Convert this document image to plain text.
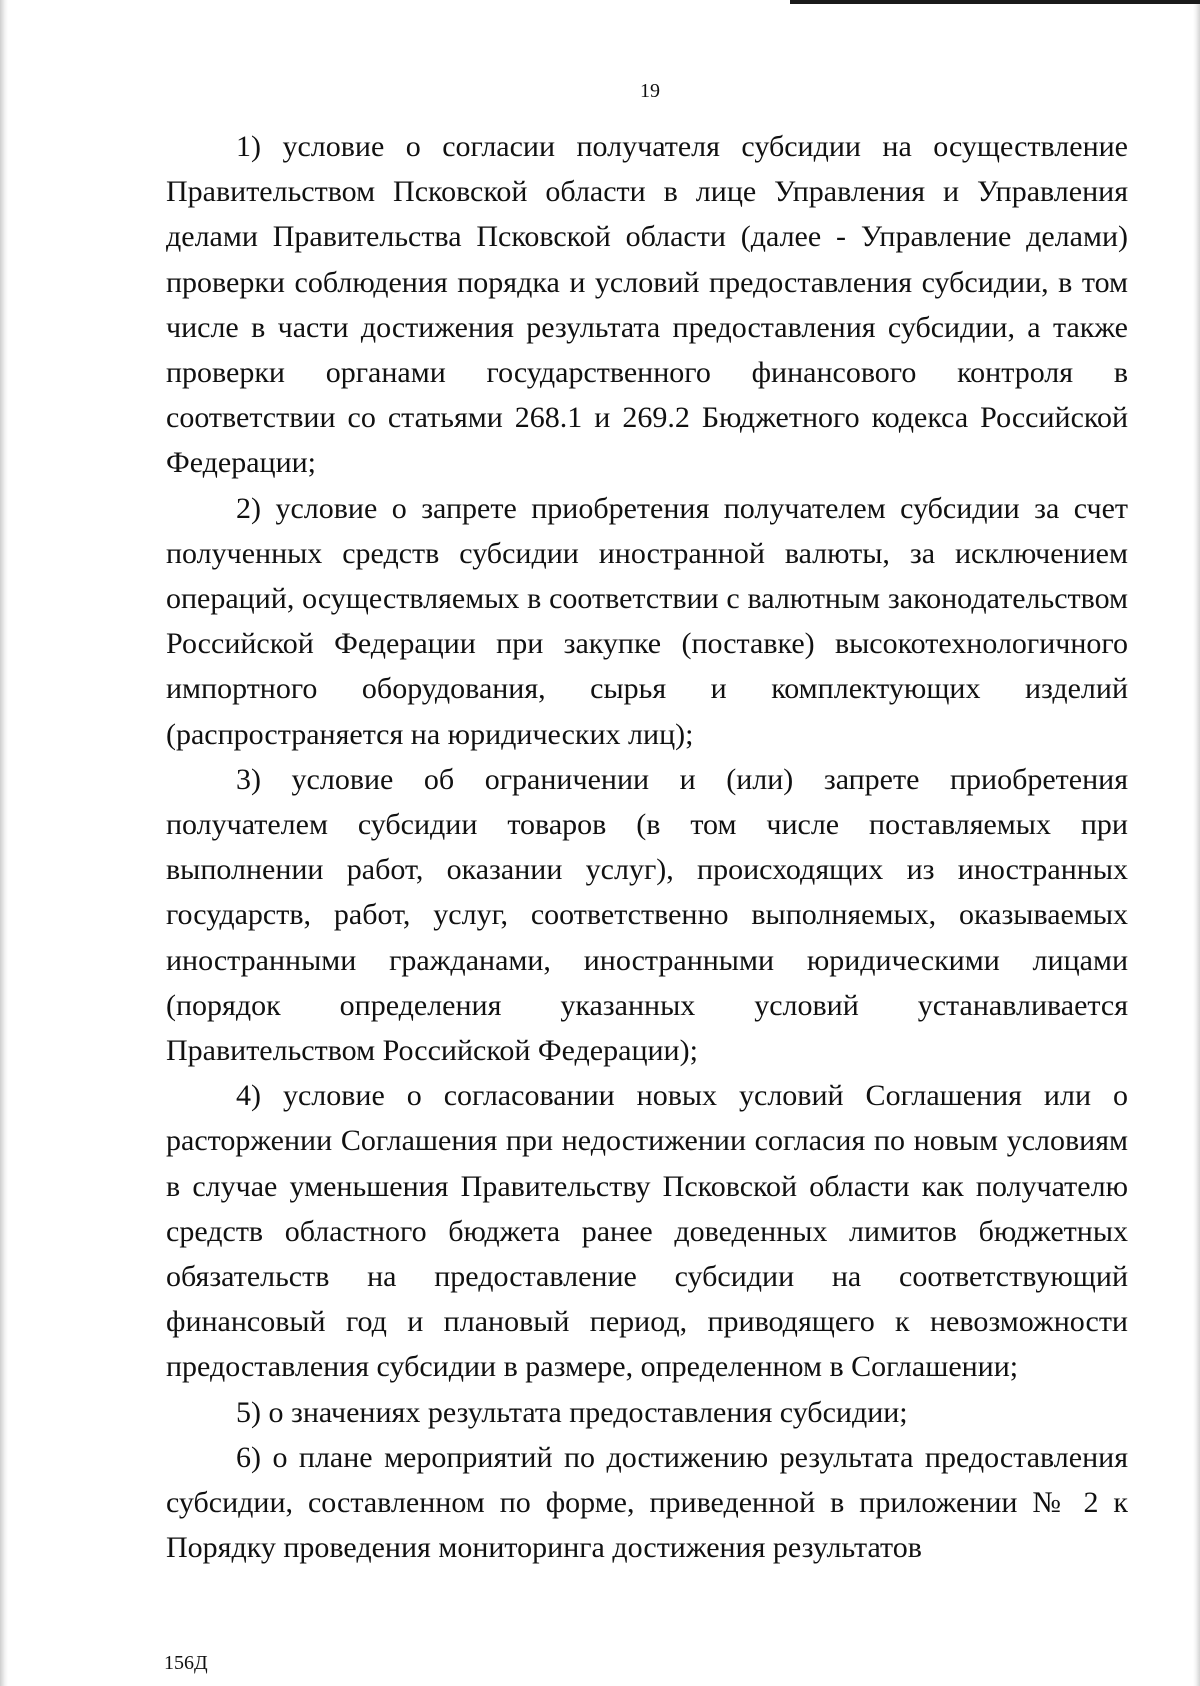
19

1) условие о согласии получателя субсидии на осуществление Правительством Псковской области в лице Управления и Управления делами Правительства Псковской области (далее - Управление делами) проверки соблюдения порядка и условий предоставления субсидии, в том числе в части достижения результата предоставления субсидии, а также проверки органами государственного финансового контроля в соответствии со статьями 268.1 и 269.2 Бюджетного кодекса Российской Федерации;

2) условие о запрете приобретения получателем субсидии за счет полученных средств субсидии иностранной валюты, за исключением операций, осуществляемых в соответствии с валютным законодательством Российской Федерации при закупке (поставке) высокотехнологичного импортного оборудования, сырья и комплектующих изделий (распространяется на юридических лиц);

3) условие об ограничении и (или) запрете приобретения получателем субсидии товаров (в том числе поставляемых при выполнении работ, оказании услуг), происходящих из иностранных государств, работ, услуг, соответственно выполняемых, оказываемых иностранными гражданами, иностранными юридическими лицами (порядок определения указанных условий устанавливается Правительством Российской Федерации);

4) условие о согласовании новых условий Соглашения или о расторжении Соглашения при недостижении согласия по новым условиям в случае уменьшения Правительству Псковской области как получателю средств областного бюджета ранее доведенных лимитов бюджетных обязательств на предоставление субсидии на соответствующий финансовый год и плановый период, приводящего к невозможности предоставления субсидии в размере, определенном в Соглашении;

5) о значениях результата предоставления субсидии;

6) о плане мероприятий по достижению результата предоставления субсидии, составленном по форме, приведенной в приложении № 2 к Порядку проведения мониторинга достижения результатов

156Д
